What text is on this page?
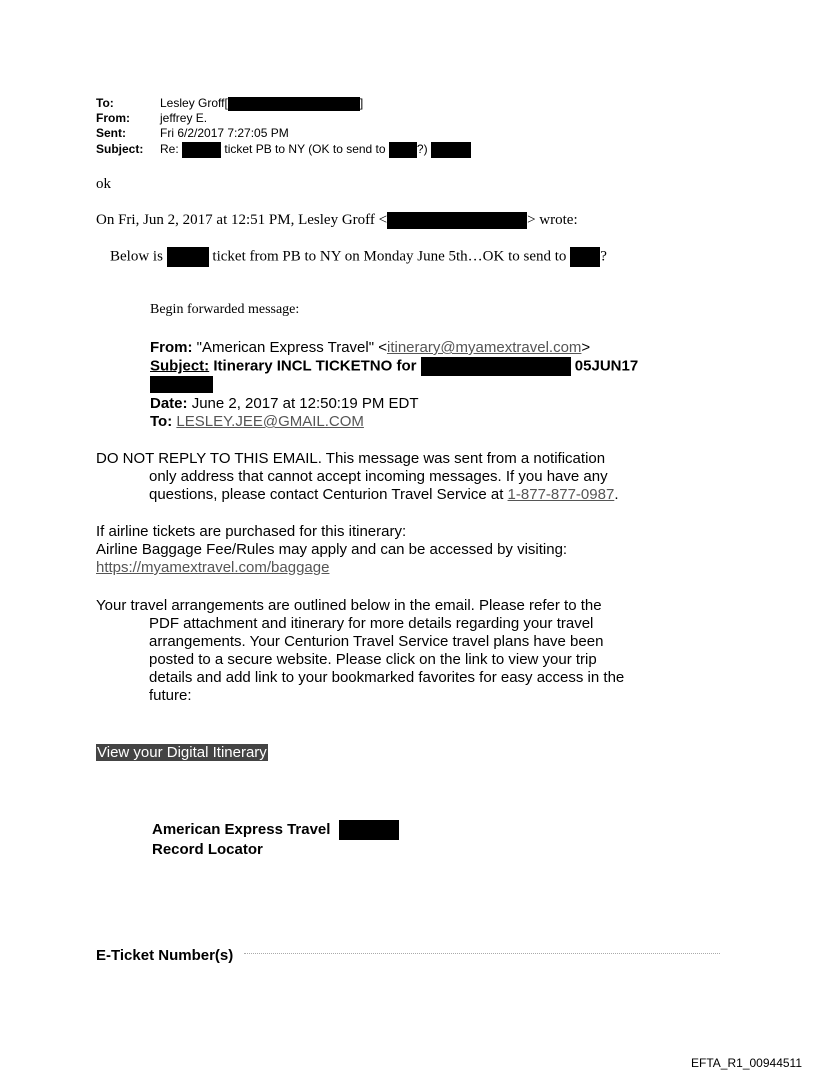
To:	Lesley Groff[	]
From:	jeffrey E.
Sent:	Fri 6/2/2017 7:27:05 PM
Subject: Re:	ticket PB to NY (OK to send to	?)
ok
On Fri, Jun 2, 2017 at 12:51 PM, Lesley Groff <	> wrote:
Below is	ticket from PB to NY on Monday June 5th…OK to send to ?
Begin forwarded message:
From: "American Express Travel" <itinerary@myamextravel.com>
Subject: Itinerary INCL TICKETNO for	05JUN17
Date: June 2, 2017 at 12:50:19 PM EDT
To: LESLEY.JEE@GMAIL.COM
DO NOT REPLY TO THIS EMAIL. This message was sent from a notification
only address that cannot accept incoming messages. If you have any
questions, please contact Centurion Travel Service at 1-877-877-0987.
If airline tickets are purchased for this itinerary:
Airline Baggage Fee/Rules may apply and can be accessed by visiting:
https://myamextravel.com/baggage
Your travel arrangements are outlined below in the email. Please refer to the
PDF attachment and itinerary for more details regarding your travel
arrangements. Your Centurion Travel Service travel plans have been
posted to a secure website. Please click on the link to view your trip
details and add link to your bookmarked favorites for easy access in the
future:
View your Digital Itinerary
American Express Travel
Record Locator
E-Ticket Number(s)
EFTA_R1_00944511
